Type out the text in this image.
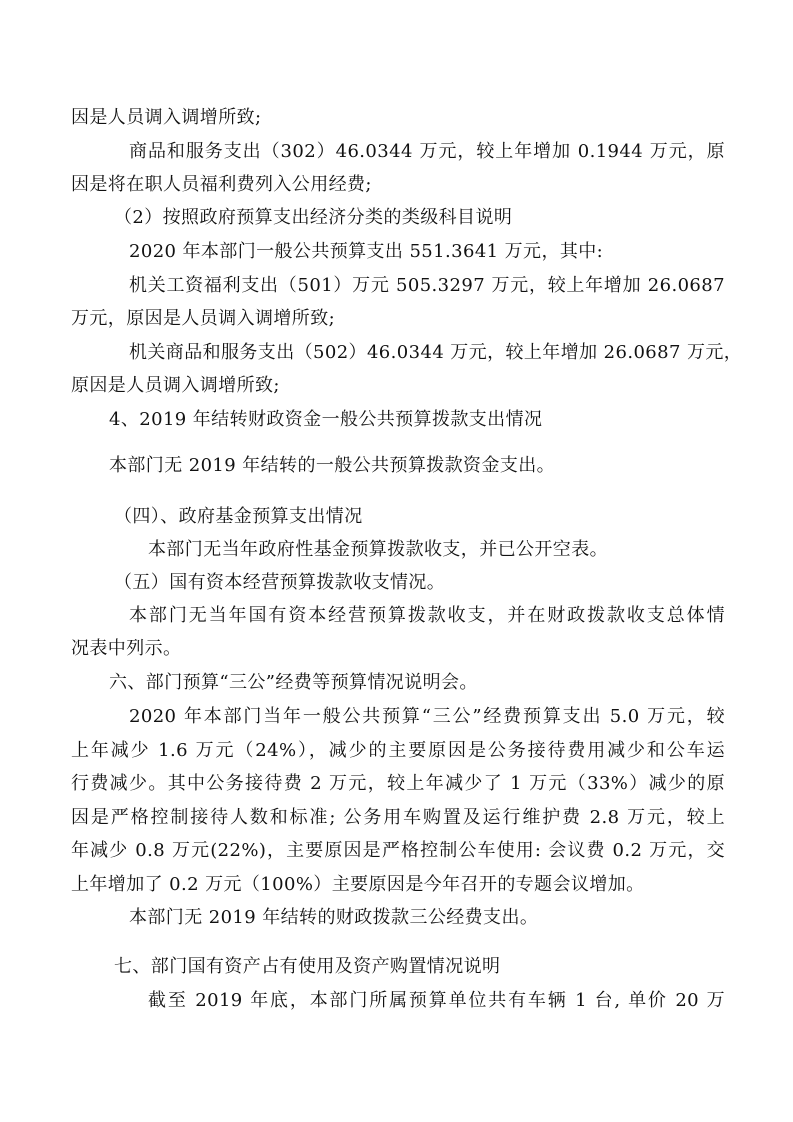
因是人员调入调增所致;
商品和服务支出（302）46.0344 万元，较上年增加 0.1944 万元，原
因是将在职人员福利费列入公用经费;
（2）按照政府预算支出经济分类的类级科目说明
2020 年本部门一般公共预算支出 551.3641 万元，其中:
机关工资福利支出（501）万元 505.3297 万元，较上年增加 26.0687
万元，原因是人员调入调增所致;
机关商品和服务支出（502）46.0344 万元，较上年增加 26.0687 万元，
原因是人员调入调增所致;
4、2019 年结转财政资金一般公共预算拨款支出情况
本部门无 2019 年结转的一般公共预算拨款资金支出。
（四）、政府基金预算支出情况
本部门无当年政府性基金预算拨款收支，并已公开空表。
（五）国有资本经营预算拨款收支情况。
本部门无当年国有资本经营预算拨款收支，并在财政拨款收支总体情
况表中列示。
六、部门预算“三公”经费等预算情况说明会。
2020 年本部门当年一般公共预算“三公”经费预算支出 5.0 万元，较
上年减少 1.6 万元（24%），减少的主要原因是公务接待费用减少和公车运
行费减少。其中公务接待费 2 万元，较上年减少了 1 万元（33%）减少的原
因是严格控制接待人数和标准; 公务用车购置及运行维护费 2.8 万元，较上
年减少 0.8 万元(22%)，主要原因是严格控制公车使用: 会议费 0.2 万元，交
上年增加了 0.2 万元（100%）主要原因是今年召开的专题会议增加。
本部门无 2019 年结转的财政拨款三公经费支出。
七、部门国有资产占有使用及资产购置情况说明
截至 2019 年底，本部门所属预算单位共有车辆 1 台, 单价 20 万
